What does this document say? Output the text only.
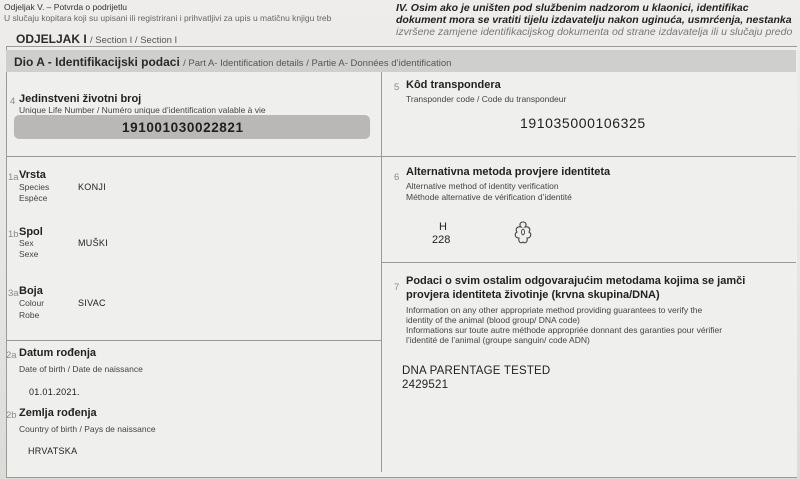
Odjeljak V. – Potvrda o podrijetlu
U slučaju kopitara koji su upisani ili registrirani i prihvatljivi za upis u matičnu knjigu treb
IV. Osim ako je uništen pod službenim nadzorom u klaonici, identifikac
dokument mora se vratiti tijelu izdavatelju nakon uginuća, usmrćenja, nestanka
izvršene zamjene identifikacijskog dokumenta od strane izdavatelja ili u slučaju predo
ODJELJAK I / Section I / Section I
Dio A - Identifikacijski podaci / Part A- Identification details / Partie A- Données d’identification
4 Jedinstveni životni broj
Unique Life Number / Numéro unique d’identification valable à vie
191001030022821
5 Kôd transpondera
Transponder code / Code du transpondeur
191035000106325
1a Vrsta
Species
Espèce
KONJI
1b Spol
Sex
Sexe
MUŠKI
3a Boja
Colour
Robe
SIVAC
2a Datum rođenja
Date of birth / Date de naissance
01.01.2021.
2b Zemlja rođenja
Country of birth / Pays de naissance
HRVATSKA
6 Alternativna metoda provjere identiteta
Alternative method of identity verification
Méthode alternative de vérification d’identité
H
228
7
Podaci o svim ostalim odgovarajućim metodama kojima se jamči
provjera identiteta životinje (krvna skupina/DNA)
Information on any other appropriate method providing guarantees to verify the
identity of the animal (blood group/ DNA code)
Informations sur toute autre méthode appropriée donnant des garanties pour vérifier
l’identité de l’animal (groupe sanguin/ code ADN)
DNA PARENTAGE TESTED
2429521
